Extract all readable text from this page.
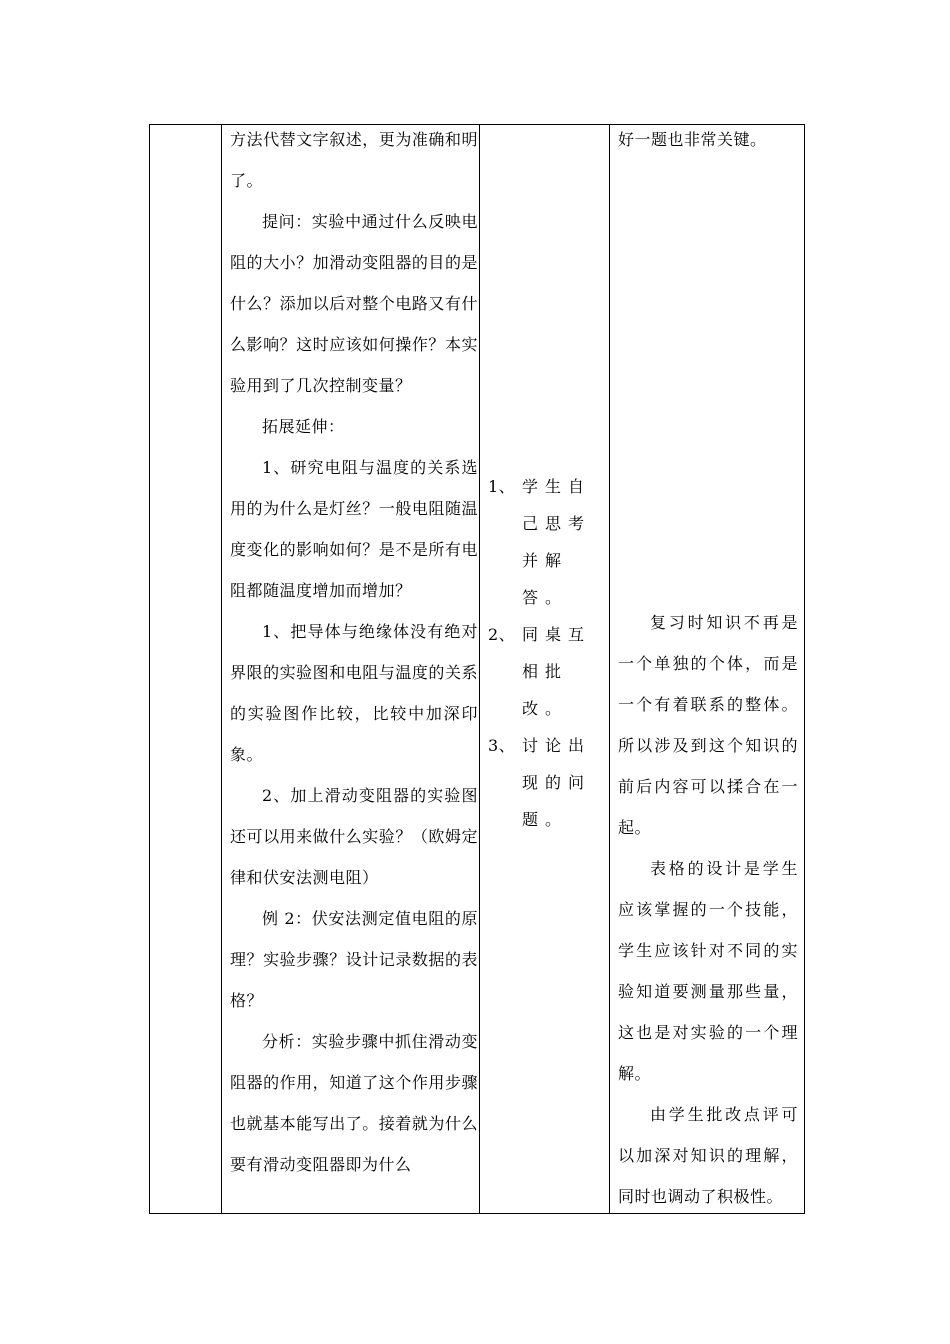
方法代替文字叙述，更为准确和明了。

提问：实验中通过什么反映电阻的大小？加滑动变阻器的目的是什么？添加以后对整个电路又有什么影响？这时应该如何操作？本实验用到了几次控制变量？

拓展延伸：

1、研究电阻与温度的关系选用的为什么是灯丝？一般电阻随温度变化的影响如何？是不是所有电阻都随温度增加而增加？

1、把导体与绝缘体没有绝对界限的实验图和电阻与温度的关系的实验图作比较，比较中加深印象。

2、加上滑动变阻器的实验图还可以用来做什么实验？（欧姆定律和伏安法测电阻）

例 2：伏安法测定值电阻的原理？实验步骤？设计记录数据的表格？

分析：实验步骤中抓住滑动变阻器的作用，知道了这个作用步骤也就基本能写出了。接着就为什么要有滑动变阻器即为什么

1、 学生自己思考并解答。
2、 同桌互相批改。
3、 讨论出现的问题。

好一题也非常关键。

复习时知识不再是一个单独的个体，而是一个有着联系的整体。所以涉及到这个知识的前后内容可以揉合在一起。

表格的设计是学生应该掌握的一个技能，学生应该针对不同的实验知道要测量那些量，这也是对实验的一个理解。

由学生批改点评可以加深对知识的理解，同时也调动了积极性。
